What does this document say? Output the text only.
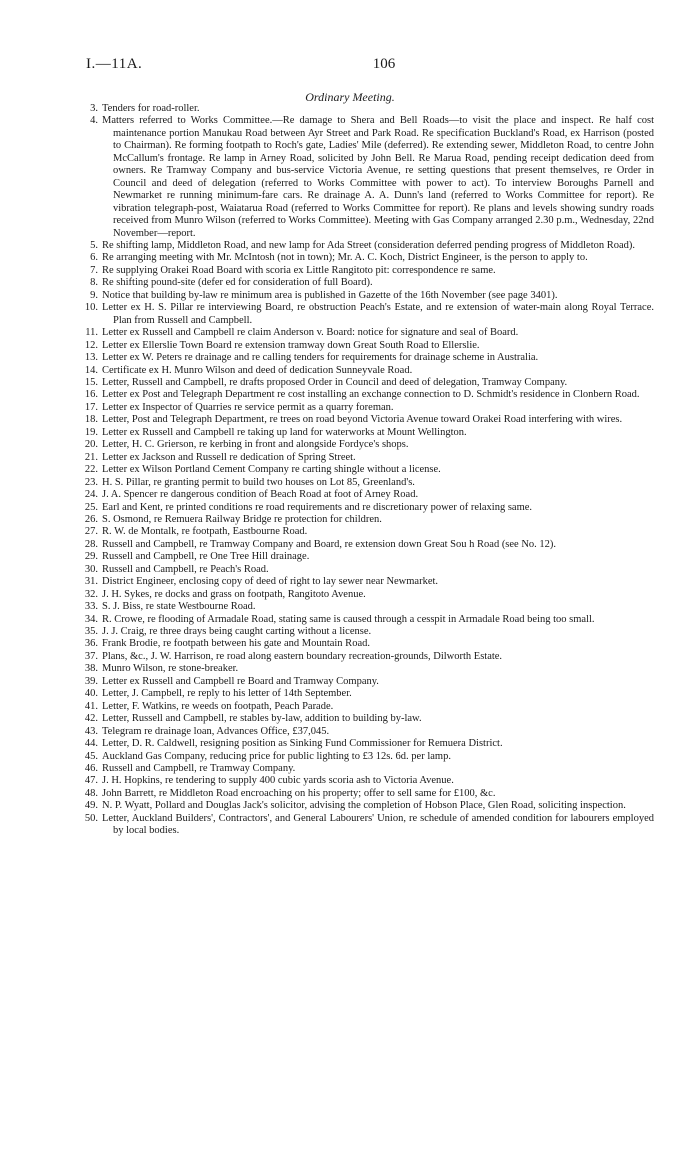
I.—11A.	106
Ordinary Meeting.
3. Tenders for road-roller.
4. Matters referred to Works Committee.—Re damage to Shera and Bell Roads—to visit the place and inspect. Re half cost maintenance portion Manukau Road between Ayr Street and Park Road. Re specification Buckland's Road, ex Harrison (posted to Chairman). Re forming footpath to Roch's gate, Ladies' Mile (deferred). Re extending sewer, Middleton Road, to centre John McCallum's frontage. Re lamp in Arney Road, solicited by John Bell. Re Marua Road, pending receipt dedication deed from owners. Re Tramway Company and bus-service Victoria Avenue, re setting questions that present themselves, re Order in Council and deed of delegation (referred to Works Committee with power to act). To interview Boroughs Parnell and Newmarket re running minimum-fare cars. Re drainage A. A. Dunn's land (referred to Works Committee for report). Re vibration telegraph-post, Waiatarua Road (referred to Works Committee for report). Re plans and levels showing sundry roads received from Munro Wilson (referred to Works Committee). Meeting with Gas Company arranged 2.30 p.m., Wednesday, 22nd November—report.
5. Re shifting lamp, Middleton Road, and new lamp for Ada Street (consideration deferred pending progress of Middleton Road).
6. Re arranging meeting with Mr. McIntosh (not in town); Mr. A. C. Koch, District Engineer, is the person to apply to.
7. Re supplying Orakei Road Board with scoria ex Little Rangitoto pit: correspondence re same.
8. Re shifting pound-site (defer ed for consideration of full Board).
9. Notice that building by-law re minimum area is published in Gazette of the 16th November (see page 3401).
10. Letter ex H. S. Pillar re interviewing Board, re obstruction Peach's Estate, and re extension of water-main along Royal Terrace. Plan from Russell and Campbell.
11. Letter ex Russell and Campbell re claim Anderson v. Board: notice for signature and seal of Board.
12. Letter ex Ellerslie Town Board re extension tramway down Great South Road to Ellerslie.
13. Letter ex W. Peters re drainage and re calling tenders for requirements for drainage scheme in Australia.
14. Certificate ex H. Munro Wilson and deed of dedication Sunneyvale Road.
15. Letter, Russell and Campbell, re drafts proposed Order in Council and deed of delegation, Tramway Company.
16. Letter ex Post and Telegraph Department re cost installing an exchange connection to D. Schmidt's residence in Clonbern Road.
17. Letter ex Inspector of Quarries re service permit as a quarry foreman.
18. Letter, Post and Telegraph Department, re trees on road beyond Victoria Avenue toward Orakei Road interfering with wires.
19. Letter ex Russell and Campbell re taking up land for waterworks at Mount Wellington.
20. Letter, H. C. Grierson, re kerbing in front and alongside Fordyce's shops.
21. Letter ex Jackson and Russell re dedication of Spring Street.
22. Letter ex Wilson Portland Cement Company re carting shingle without a license.
23. H. S. Pillar, re granting permit to build two houses on Lot 85, Greenland's.
24. J. A. Spencer re dangerous condition of Beach Road at foot of Arney Road.
25. Earl and Kent, re printed conditions re road requirements and re discretionary power of relaxing same.
26. S. Osmond, re Remuera Railway Bridge re protection for children.
27. R. W. de Montalk, re footpath, Eastbourne Road.
28. Russell and Campbell, re Tramway Company and Board, re extension down Great Sou h Road (see No. 12).
29. Russell and Campbell, re One Tree Hill drainage.
30. Russell and Campbell, re Peach's Road.
31. District Engineer, enclosing copy of deed of right to lay sewer near Newmarket.
32. J. H. Sykes, re docks and grass on footpath, Rangitoto Avenue.
33. S. J. Biss, re state Westbourne Road.
34. R. Crowe, re flooding of Armadale Road, stating same is caused through a cesspit in Armadale Road being too small.
35. J. J. Craig, re three drays being caught carting without a license.
36. Frank Brodie, re footpath between his gate and Mountain Road.
37. Plans, &c., J. W. Harrison, re road along eastern boundary recreation-grounds, Dilworth Estate.
38. Munro Wilson, re stone-breaker.
39. Letter ex Russell and Campbell re Board and Tramway Company.
40. Letter, J. Campbell, re reply to his letter of 14th September.
41. Letter, F. Watkins, re weeds on footpath, Peach Parade.
42. Letter, Russell and Campbell, re stables by-law, addition to building by-law.
43. Telegram re drainage loan, Advances Office, £37,045.
44. Letter, D. R. Caldwell, resigning position as Sinking Fund Commissioner for Remuera District.
45. Auckland Gas Company, reducing price for public lighting to £3 12s. 6d. per lamp.
46. Russell and Campbell, re Tramway Company.
47. J. H. Hopkins, re tendering to supply 400 cubic yards scoria ash to Victoria Avenue.
48. John Barrett, re Middleton Road encroaching on his property; offer to sell same for £100, &c.
49. N. P. Wyatt, Pollard and Douglas Jack's solicitor, advising the completion of Hobson Place, Glen Road, soliciting inspection.
50. Letter, Auckland Builders', Contractors', and General Labourers' Union, re schedule of amended condition for labourers employed by local bodies.
